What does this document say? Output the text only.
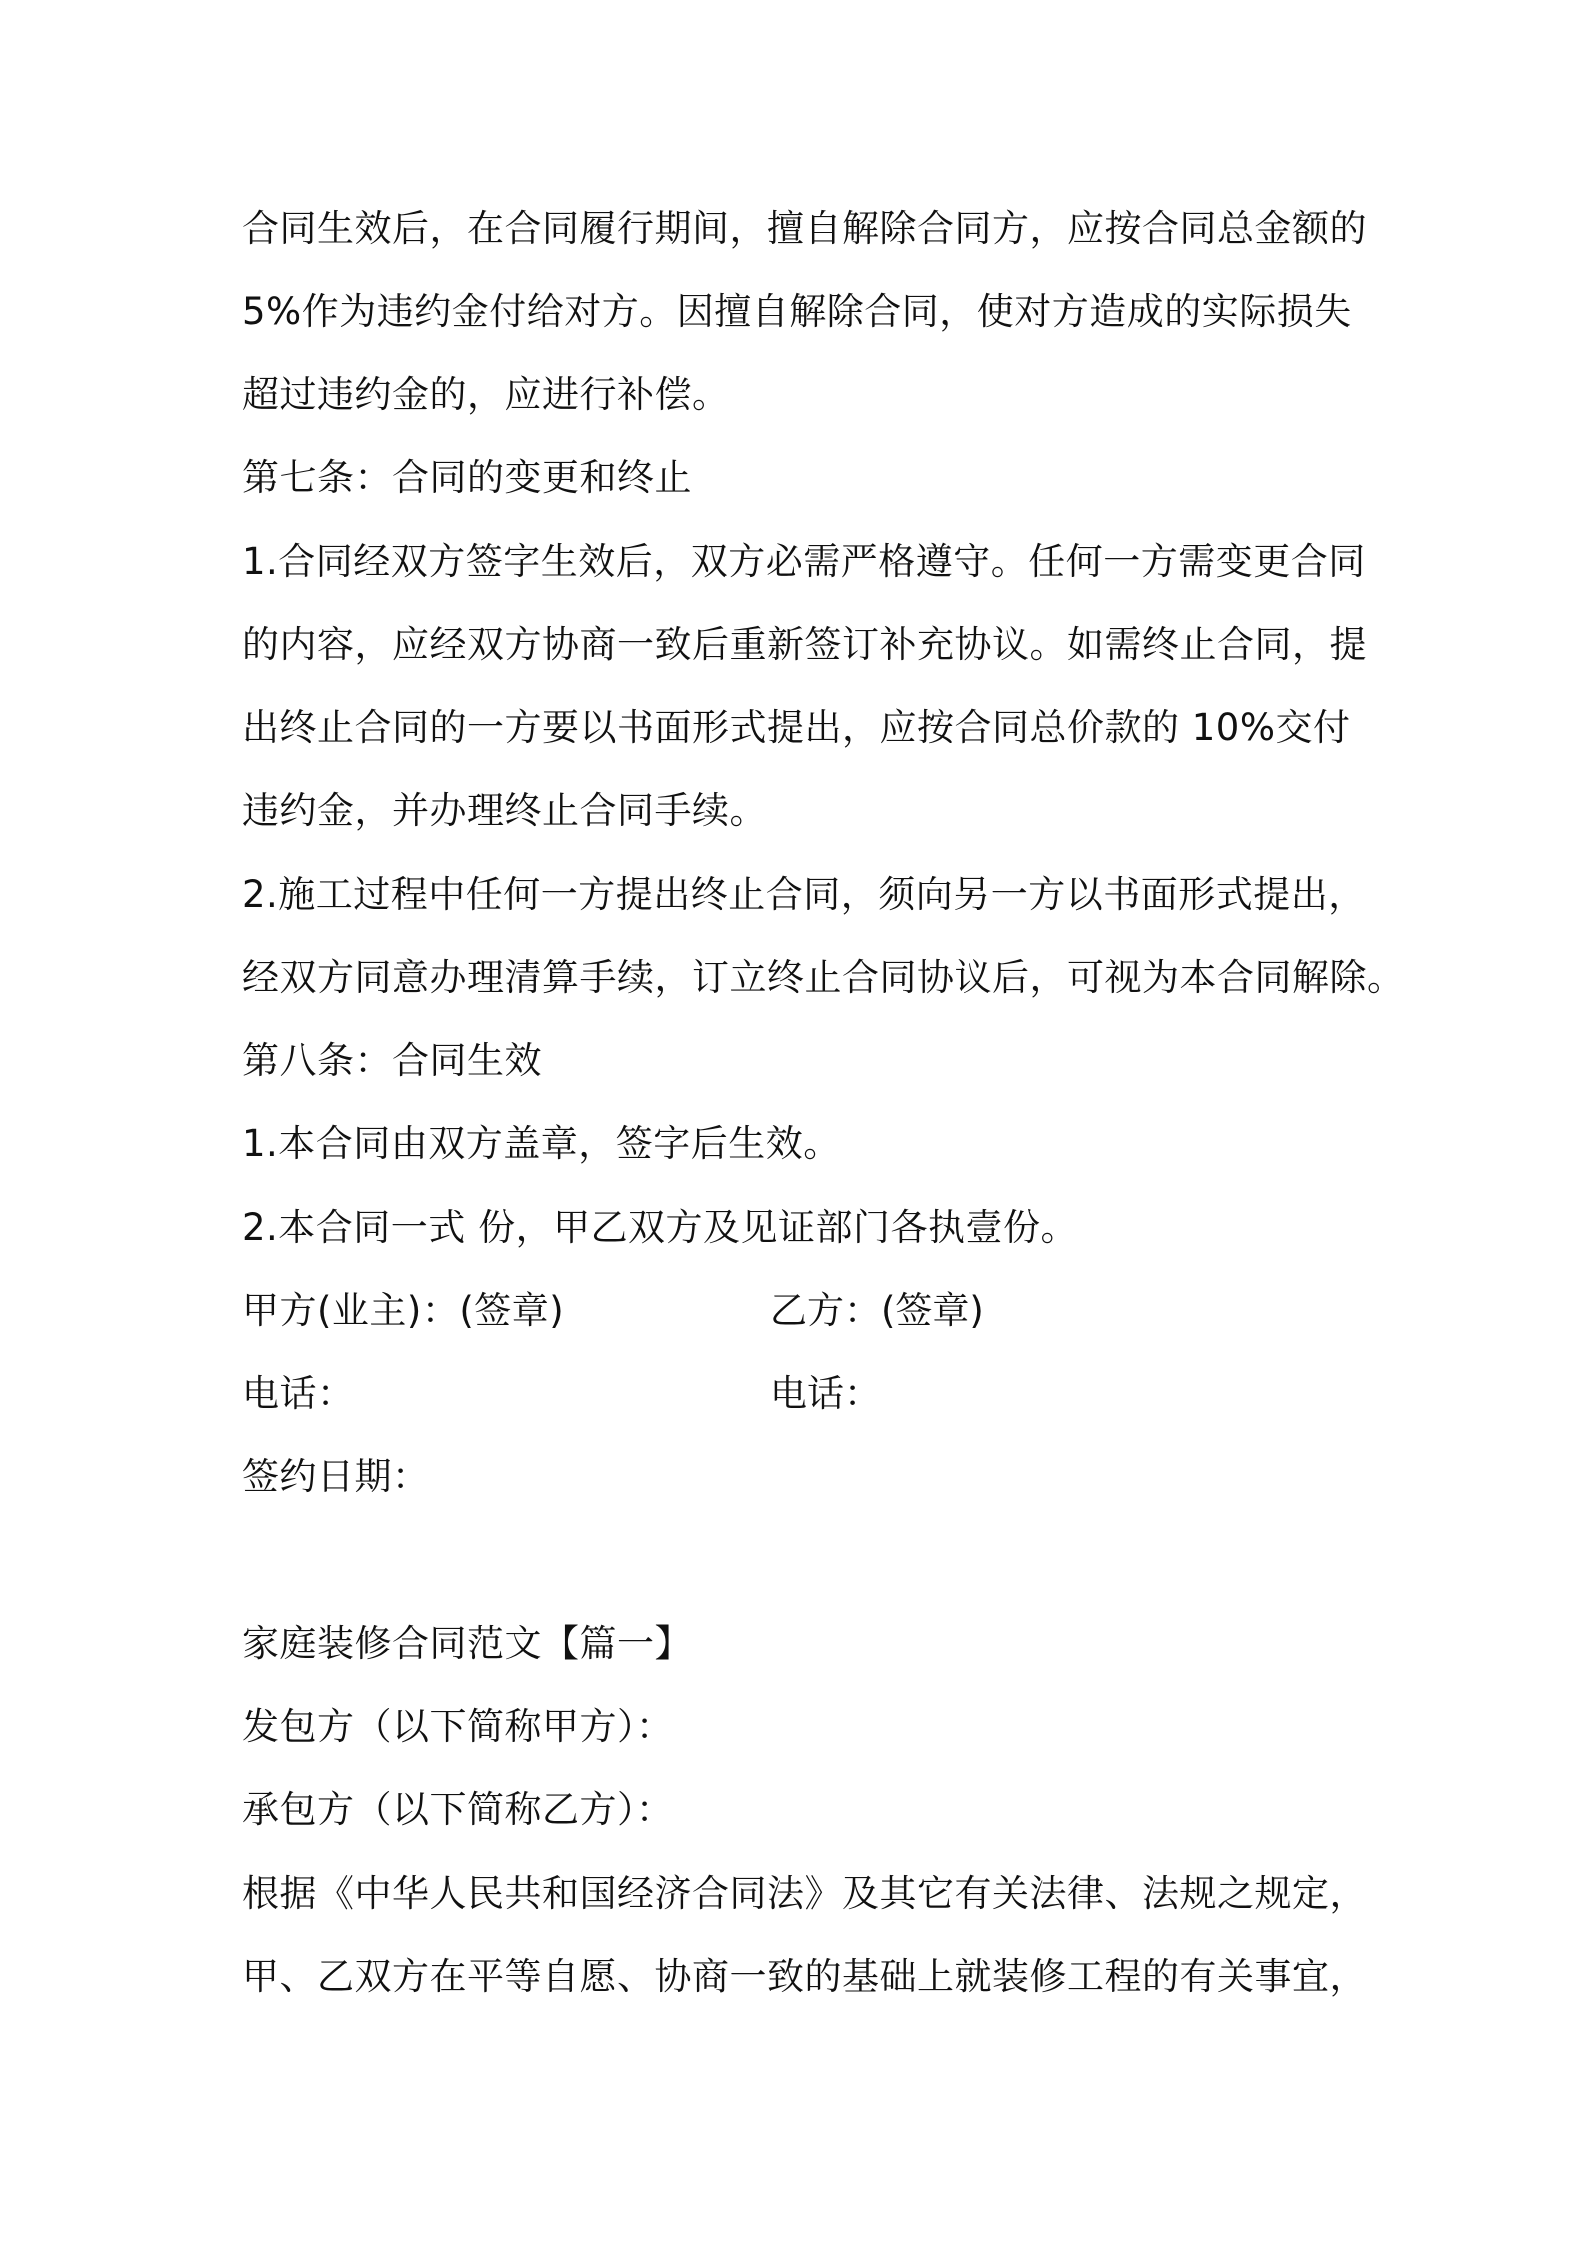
合同生效后，在合同履行期间，擅自解除合同方，应按合同总金额的
5%作为违约金付给对方。因擅自解除合同，使对方造成的实际损失
超过违约金的，应进行补偿。
第七条：合同的变更和终止
1.合同经双方签字生效后，双方必需严格遵守。任何一方需变更合同
的内容，应经双方协商一致后重新签订补充协议。如需终止合同，提
出终止合同的一方要以书面形式提出，应按合同总价款的 10%交付
违约金，并办理终止合同手续。
2.施工过程中任何一方提出终止合同，须向另一方以书面形式提出，
经双方同意办理清算手续，订立终止合同协议后，可视为本合同解除。
第八条：合同生效
1.本合同由双方盖章，签字后生效。
2.本合同一式 份，甲乙双方及见证部门各执壹份。
甲方(业主)：(签章)	乙方：(签章)
电话：	电话：
签约日期：
家庭装修合同范文【篇一】
发包方（以下简称甲方）：
承包方（以下简称乙方）：
根据《中华人民共和国经济合同法》及其它有关法律、法规之规定，
甲、乙双方在平等自愿、协商一致的基础上就装修工程的有关事宜，
